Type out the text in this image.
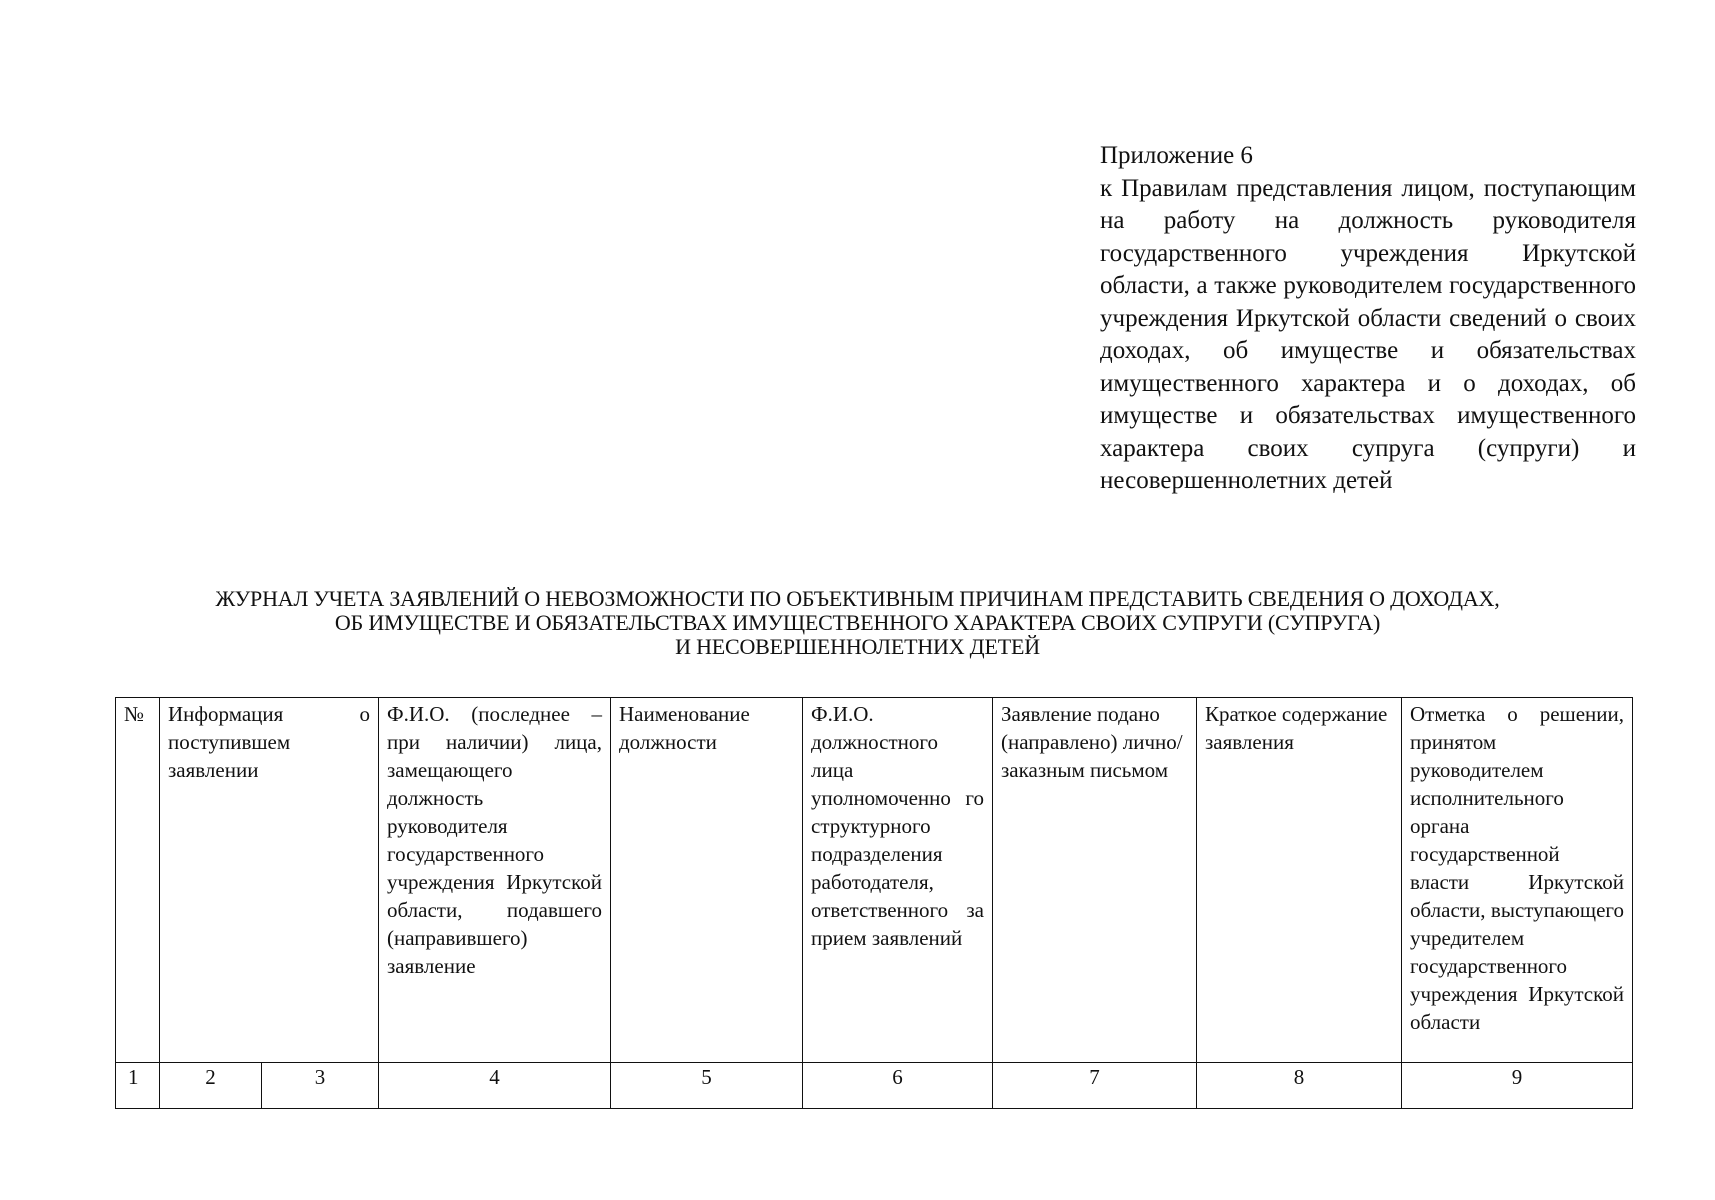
Приложение 6
к Правилам представления лицом, поступающим на работу на должность руководителя государственного учреждения Иркутской области, а также руководителем государственного учреждения Иркутской области сведений о своих доходах, об имуществе и обязательствах имущественного характера и о доходах, об имуществе и обязательствах имущественного характера своих супруга (супруги) и несовершеннолетних детей
ЖУРНАЛ УЧЕТА ЗАЯВЛЕНИЙ О НЕВОЗМОЖНОСТИ ПО ОБЪЕКТИВНЫМ ПРИЧИНАМ ПРЕДСТАВИТЬ СВЕДЕНИЯ О ДОХОДАХ,
ОБ ИМУЩЕСТВЕ И ОБЯЗАТЕЛЬСТВАХ ИМУЩЕСТВЕННОГО ХАРАКТЕРА СВОИХ СУПРУГИ (СУПРУГА)
И НЕСОВЕРШЕННОЛЕТНИХ ДЕТЕЙ
№	Информация о поступившем заявлении		Ф.И.О. (последнее – при наличии) лица, замещающего должность руководителя государственного учреждения Иркутской области, подавшего (направившего) заявление	Наименование должности	Ф.И.О. должностного лица уполномоченно го структурного подразделения работодателя, ответственного за прием заявлений	Заявление подано (направлено) лично/заказным письмом	Краткое содержание заявления	Отметка о решении, принятом руководителем исполнительного органа государственной власти Иркутской области, выступающего учредителем государственного учреждения Иркутской области
1	2	3	4	5	6	7	8	9
